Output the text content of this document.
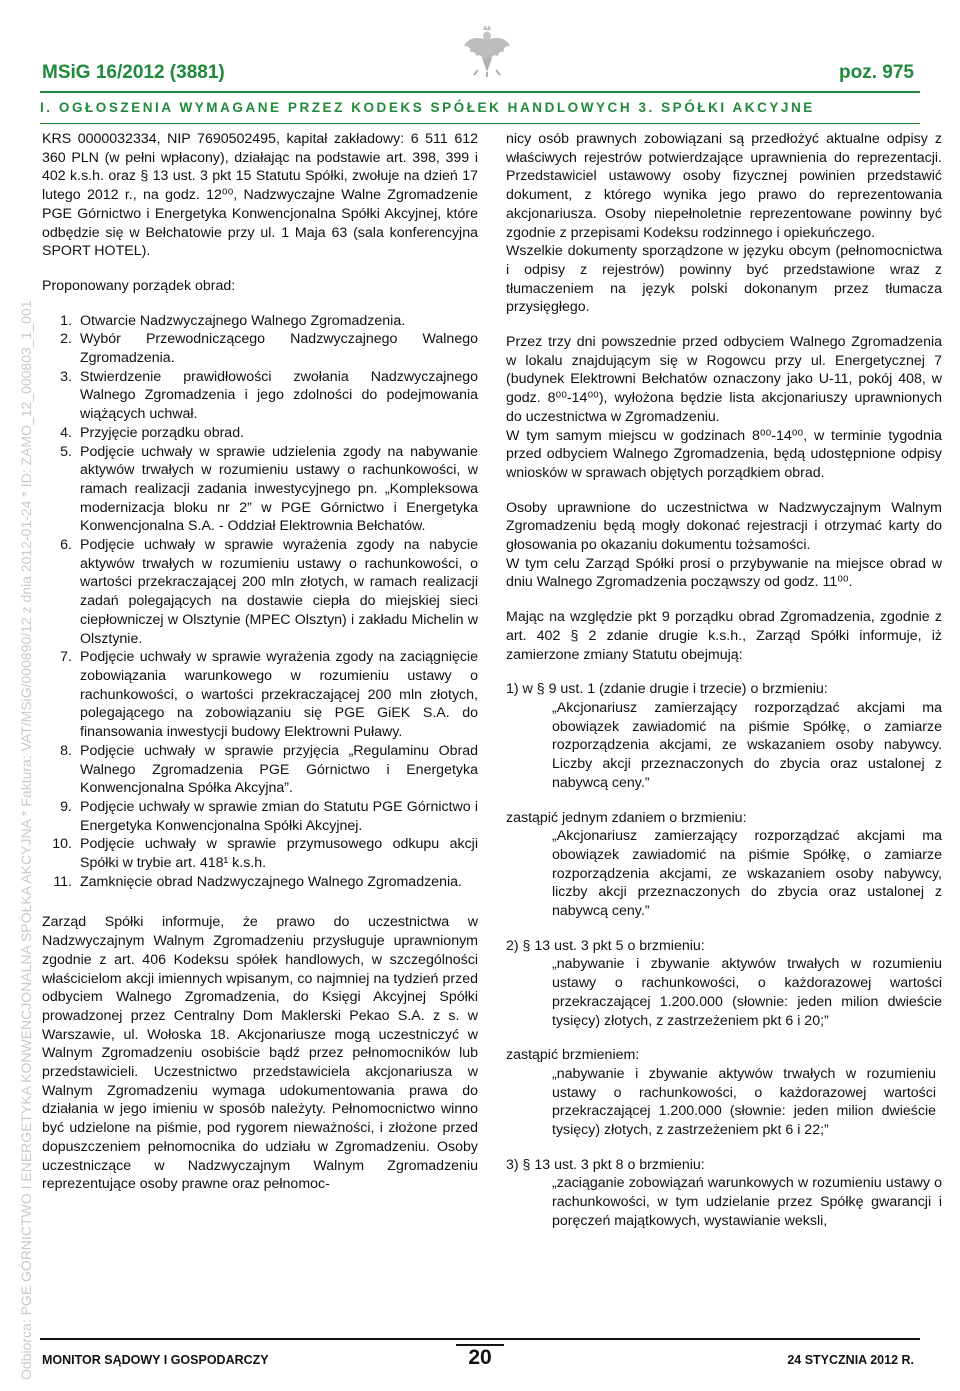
MSiG 16/2012 (3881)	poz. 975
I. OGŁOSZENIA WYMAGANE PRZEZ KODEKS SPÓŁEK HANDLOWYCH 3. SPÓŁKI AKCYJNE
Odbiorca: PGE GÓRNICTWO I ENERGETYKA KONWENCJONALNA SPÓŁKA AKCYJNA * Faktura: VAT/MSiG/000890/12 z dnia 2012-01-24 * ID: ZAMO_12_000803_1_001

KRS 0000032334, NIP 7690502495, kapitał zakładowy: 6 511 612 360 PLN (w pełni wpłacony), działając na podstawie art. 398, 399 i 402 k.s.h. oraz § 13 ust. 3 pkt 15 Statutu Spółki, zwołuje na dzień 17 lutego 2012 r., na godz. 12⁰⁰, Nadzwyczajne Walne Zgromadzenie PGE Górnictwo i Energetyka Konwencjonalna Spółki Akcyjnej, które odbędzie się w Bełchatowie przy ul. 1 Maja 63 (sala konferencyjna SPORT HOTEL).

Proponowany porządek obrad:

1. Otwarcie Nadzwyczajnego Walnego Zgromadzenia.
2. Wybór Przewodniczącego Nadzwyczajnego Walnego Zgromadzenia.
3. Stwierdzenie prawidłowości zwołania Nadzwyczajnego Walnego Zgromadzenia i jego zdolności do podejmowania wiążących uchwał.
4. Przyjęcie porządku obrad.
5. Podjęcie uchwały w sprawie udzielenia zgody na nabywanie aktywów trwałych w rozumieniu ustawy o rachunkowości, w ramach realizacji zadania inwestycyjnego pn. „Kompleksowa modernizacja bloku nr 2” w PGE Górnictwo i Energetyka Konwencjonalna S.A. - Oddział Elektrownia Bełchatów.
6. Podjęcie uchwały w sprawie wyrażenia zgody na nabycie aktywów trwałych w rozumieniu ustawy o rachunkowości, o wartości przekraczającej 200 mln złotych, w ramach realizacji zadań polegających na dostawie ciepła do miejskiej sieci ciepłowniczej w Olsztynie (MPEC Olsztyn) i zakładu Michelin w Olsztynie.
7. Podjęcie uchwały w sprawie wyrażenia zgody na zaciągnięcie zobowiązania warunkowego w rozumieniu ustawy o rachunkowości, o wartości przekraczającej 200 mln złotych, polegającego na zobowiązaniu się PGE GiEK S.A. do finansowania inwestycji budowy Elektrowni Puławy.
8. Podjęcie uchwały w sprawie przyjęcia „Regulaminu Obrad Walnego Zgromadzenia PGE Górnictwo i Energetyka Konwencjonalna Spółka Akcyjna”.
9. Podjęcie uchwały w sprawie zmian do Statutu PGE Górnictwo i Energetyka Konwencjonalna Spółki Akcyjnej.
10. Podjęcie uchwały w sprawie przymusowego odkupu akcji Spółki w trybie art. 418¹ k.s.h.
11. Zamknięcie obrad Nadzwyczajnego Walnego Zgromadzenia.

Zarząd Spółki informuje, że prawo do uczestnictwa w Nadzwyczajnym Walnym Zgromadzeniu przysługuje uprawnionym zgodnie z art. 406 Kodeksu spółek handlowych, w szczególności właścicielom akcji imiennych wpisanym, co najmniej na tydzień przed odbyciem Walnego Zgromadzenia, do Księgi Akcyjnej Spółki prowadzonej przez Centralny Dom Maklerski Pekao S.A. z s. w Warszawie, ul. Wołoska 18. Akcjonariusze mogą uczestniczyć w Walnym Zgromadzeniu osobiście bądź przez pełnomocników lub przedstawicieli. Uczestnictwo przedstawiciela akcjonariusza w Walnym Zgromadzeniu wymaga udokumentowania prawa do działania w jego imieniu w sposób należyty. Pełnomocnictwo winno być udzielone na piśmie, pod rygorem nieważności, i złożone przed dopuszczeniem pełnomocnika do udziału w Zgromadzeniu. Osoby uczestniczące w Nadzwyczajnym Walnym Zgromadzeniu reprezentujące osoby prawne oraz pełnomoc-

nicy osób prawnych zobowiązani są przedłożyć aktualne odpisy z właściwych rejestrów potwierdzające uprawnienia do reprezentacji. Przedstawiciel ustawowy osoby fizycznej powinien przedstawić dokument, z którego wynika jego prawo do reprezentowania akcjonariusza. Osoby niepełnoletnie reprezentowane powinny być zgodnie z przepisami Kodeksu rodzinnego i opiekuńczego.

Wszelkie dokumenty sporządzone w języku obcym (pełnomocnictwa i odpisy z rejestrów) powinny być przedstawione wraz z tłumaczeniem na język polski dokonanym przez tłumacza przysięgłego.

Przez trzy dni powszednie przed odbyciem Walnego Zgromadzenia w lokalu znajdującym się w Rogowcu przy ul. Energetycznej 7 (budynek Elektrowni Bełchatów oznaczony jako U-11, pokój 408, w godz. 8⁰⁰-14⁰⁰), wyłożona będzie lista akcjonariuszy uprawnionych do uczestnictwa w Zgromadzeniu.

W tym samym miejscu w godzinach 8⁰⁰-14⁰⁰, w terminie tygodnia przed odbyciem Walnego Zgromadzenia, będą udostępnione odpisy wniosków w sprawach objętych porządkiem obrad.

Osoby uprawnione do uczestnictwa w Nadzwyczajnym Walnym Zgromadzeniu będą mogły dokonać rejestracji i otrzymać karty do głosowania po okazaniu dokumentu tożsamości.

W tym celu Zarząd Spółki prosi o przybywanie na miejsce obrad w dniu Walnego Zgromadzenia począwszy od godz. 11⁰⁰.

Mając na względzie pkt 9 porządku obrad Zgromadzenia, zgodnie z art. 402 § 2 zdanie drugie k.s.h., Zarząd Spółki informuje, iż zamierzone zmiany Statutu obejmują:

1) w § 9 ust. 1 (zdanie drugie i trzecie) o brzmieniu:

„Akcjonariusz zamierzający rozporządzać akcjami ma obowiązek zawiadomić na piśmie Spółkę, o zamiarze rozporządzenia akcjami, ze wskazaniem osoby nabywcy. Liczby akcji przeznaczonych do zbycia oraz ustalonej z nabywcą ceny.”

zastąpić jednym zdaniem o brzmieniu:

„Akcjonariusz zamierzający rozporządzać akcjami ma obowiązek zawiadomić na piśmie Spółkę, o zamiarze rozporządzenia akcjami, ze wskazaniem osoby nabywcy, liczby akcji przeznaczonych do zbycia oraz ustalonej z nabywcą ceny.”

2) § 13 ust. 3 pkt 5 o brzmieniu:

„nabywanie i zbywanie aktywów trwałych w rozumieniu ustawy o rachunkowości, o każdorazowej wartości przekraczającej 1.200.000 (słownie: jeden milion dwieście tysięcy) złotych, z zastrzeżeniem pkt 6 i 20;”

zastąpić brzmieniem:

„nabywanie i zbywanie aktywów trwałych w rozumieniu ustawy o rachunkowości, o każdorazowej wartości przekraczającej 1.200.000 (słownie: jeden milion dwieście tysięcy) złotych, z zastrzeżeniem pkt 6 i 22;”

3) § 13 ust. 3 pkt 8 o brzmieniu:

„zaciąganie zobowiązań warunkowych w rozumieniu ustawy o rachunkowości, w tym udzielanie przez Spółkę gwarancji i poręczeń majątkowych, wystawianie weksli,

MONITOR SĄDOWY I GOSPODARCZY	20	24 STYCZNIA 2012 R.
